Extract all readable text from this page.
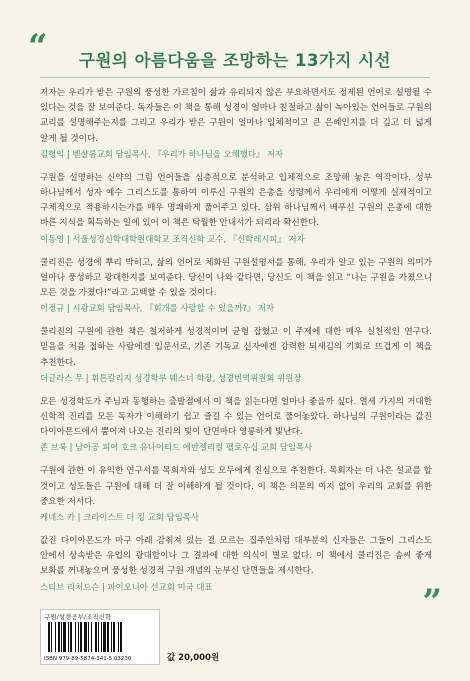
“	구원의 아름다움을 조망하는 13가지 시선

저자는 우리가 받은 구원의 풍성한 가르침이 삶과 유리되지 않은 부요하면서도 정제된 언어로 설명될 수 있다는 것을 잘 보여준다. 독자들은 이 책을 통해 성경이 얼마나 친절하고 삶이 녹아있는 언어들로 구원의 교리를 설명해주는지를 그리고 우리가 받은 구원이 얼마나 입체적이고 큰 은혜인지를 더 깊고 더 넓게 알게 될 것이다.

김형익 | 벧샬롬교회 담임목사, 『우리가 하나님을 오해했다』 저자

구원을 설명하는 신약의 그림 언어들을 심층적으로 분석하고 입체적으로 조망해 놓은 역작이다. 성부 하나님께서 성자 예수 그리스도를 통하여 이루신 구원의 은총을 성령께서 우리에게 어떻게 실제적이고 구체적으로 적용하시는가를 매우 명쾌하게 풀어주고 있다. 삼위 하나님께서 베푸신 구원의 은총에 대한 바른 지식을 획득하는 일에 있어 이 책은 탁월한 안내서가 되리라 확신한다.

이동영 | 서울성경신학대학원대학교 조직신학 교수, 『신학레시피』 저자

쿨리진은 성경에 뿌리 박히고, 삶의 언어로 체화된 구원설명서를 통해, 우리가 알고 있는 구원의 의미가 얼마나 풍성하고 광대한지를 보여준다. 당신이 나와 같다면, 당신도 이 책을 읽고 “나는 구원을 가졌으니 모든 것을 가졌다!”라고 고백할 수 있을 것이다.

이정규 | 시광교회 담임목사, 『회개를 사랑할 수 있을까?』 저자

쿨리진의 구원에 관한 책은 철저하게 성경적이며 균형 잡혔고 이 주제에 대한 매우 실천적인 연구다. 믿음을 처음 접하는 사람에겐 입문서로, 기존 기독교 신자에겐 강력한 되새김의 기회로 뜨겁게 이 책을 추천한다.

더글라스 무 | 휘튼칼리지 성경학부 웨스너 학장, 성경번역위원회 위원장

모든 성경학도가 주님과 동행하는 출발점에서 이 책을 읽는다면 얼마나 좋을까 싶다. 열세 가지의 거대한 신학적 진리를 모든 독자가 이해하기 쉽고 즐길 수 있는 언어로 풀어놓았다. 하나님의 구원이라는 값진 다이아몬드에서 뿜어져 나오는 진리의 빛이 단면마다 영롱하게 빛난다.

존 브룩 | 남아공 피어 호크 유나이티드 에반젤리컬 펠로우십 교회 담임목사

구원에 관한 이 유익한 연구서를 목회자와 성도 모두에게 진심으로 추천한다. 목회자는 더 나은 설교를 할 것이고 성도들은 구원에 대해 더 잘 이해하게 될 것이다. 이 책은 의문의 여지 없이 우리의 교회를 위한 중요한 저서다.

케네스 카 | 크라이스트 더 킹 교회 담임목사

값진 다이아몬드가 마구 아래 감춰져 있는 걸 모르는 집주인처럼 대부분의 신자들은 그들이 그리스도 안에서 상속받은 유업의 광대함이나 그 결과에 대한 의식이 별로 없다. 이 책에서 쿨리진은 솜씨 좋게 보화를 꺼내놓으며 풍성한 성경적 구원 개념의 눈부신 단면들을 제시한다.

스티브 리처드슨 | 파이오니아 선교회 미국 대표	”
구원/성경공부/조직신학
ISBN 979-89-5874-341-5 03230	값 20,000원
